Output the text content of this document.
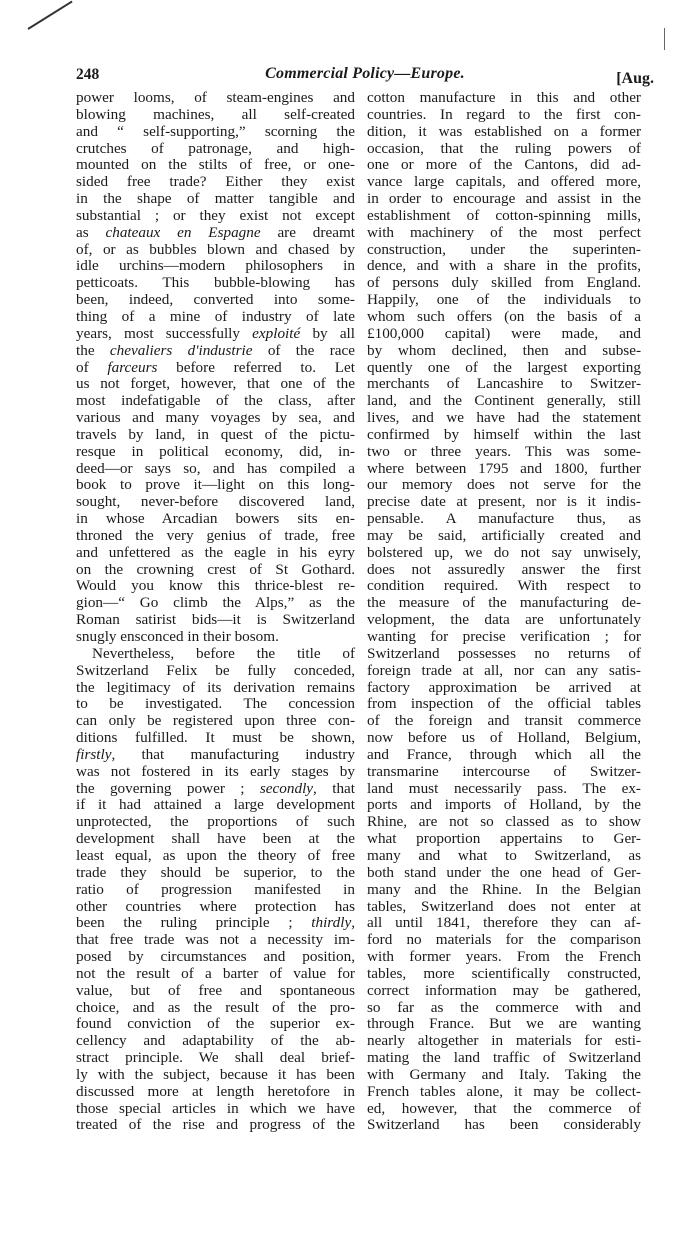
248	Commercial Policy—Europe.	[Aug.
power looms, of steam-engines and
blowing machines, all self-created
and “ self-supporting,” scorning the
crutches of patronage, and high-
mounted on the stilts of free, or one-
sided free trade? Either they exist
in the shape of matter tangible and
substantial ; or they exist not except
as chateaux en Espagne are dreamt
of, or as bubbles blown and chased by
idle urchins—modern philosophers in
petticoats. This bubble-blowing has
been, indeed, converted into some-
thing of a mine of industry of late
years, most successfully exploité by all
the chevaliers d'industrie of the race
of farceurs before referred to. Let
us not forget, however, that one of the
most indefatigable of the class, after
various and many voyages by sea, and
travels by land, in quest of the pictu-
resque in political economy, did, in-
deed—or says so, and has compiled a
book to prove it—light on this long-
sought, never-before discovered land,
in whose Arcadian bowers sits en-
throned the very genius of trade, free
and unfettered as the eagle in his eyry
on the crowning crest of St Gothard.
Would you know this thrice-blest re-
gion—“ Go climb the Alps,” as the
Roman satirist bids—it is Switzerland
snugly ensconced in their bosom.
Nevertheless, before the title of
Switzerland Felix be fully conceded,
the legitimacy of its derivation remains
to be investigated. The concession
can only be registered upon three con-
ditions fulfilled. It must be shown,
firstly, that manufacturing industry
was not fostered in its early stages by
the governing power ; secondly, that
if it had attained a large development
unprotected, the proportions of such
development shall have been at the
least equal, as upon the theory of free
trade they should be superior, to the
ratio of progression manifested in
other countries where protection has
been the ruling principle ; thirdly,
that free trade was not a necessity im-
posed by circumstances and position,
not the result of a barter of value for
value, but of free and spontaneous
choice, and as the result of the pro-
found conviction of the superior ex-
cellency and adaptability of the ab-
stract principle. We shall deal brief-
ly with the subject, because it has been
discussed more at length heretofore in
those special articles in which we have
treated of the rise and progress of the
cotton manufacture in this and other
countries. In regard to the first con-
dition, it was established on a former
occasion, that the ruling powers of
one or more of the Cantons, did ad-
vance large capitals, and offered more,
in order to encourage and assist in the
establishment of cotton-spinning mills,
with machinery of the most perfect
construction, under the superinten-
dence, and with a share in the profits,
of persons duly skilled from England.
Happily, one of the individuals to
whom such offers (on the basis of a
£100,000 capital) were made, and
by whom declined, then and subse-
quently one of the largest exporting
merchants of Lancashire to Switzer-
land, and the Continent generally, still
lives, and we have had the statement
confirmed by himself within the last
two or three years. This was some-
where between 1795 and 1800, further
our memory does not serve for the
precise date at present, nor is it indis-
pensable. A manufacture thus, as
may be said, artificially created and
bolstered up, we do not say unwisely,
does not assuredly answer the first
condition required. With respect to
the measure of the manufacturing de-
velopment, the data are unfortunately
wanting for precise verification ; for
Switzerland possesses no returns of
foreign trade at all, nor can any satis-
factory approximation be arrived at
from inspection of the official tables
of the foreign and transit commerce
now before us of Holland, Belgium,
and France, through which all the
transmarine intercourse of Switzer-
land must necessarily pass. The ex-
ports and imports of Holland, by the
Rhine, are not so classed as to show
what proportion appertains to Ger-
many and what to Switzerland, as
both stand under the one head of Ger-
many and the Rhine. In the Belgian
tables, Switzerland does not enter at
all until 1841, therefore they can af-
ford no materials for the comparison
with former years. From the French
tables, more scientifically constructed,
correct information may be gathered,
so far as the commerce with and
through France. But we are wanting
nearly altogether in materials for esti-
mating the land traffic of Switzerland
with Germany and Italy. Taking the
French tables alone, it may be collect-
ed, however, that the commerce of
Switzerland has been considerably
